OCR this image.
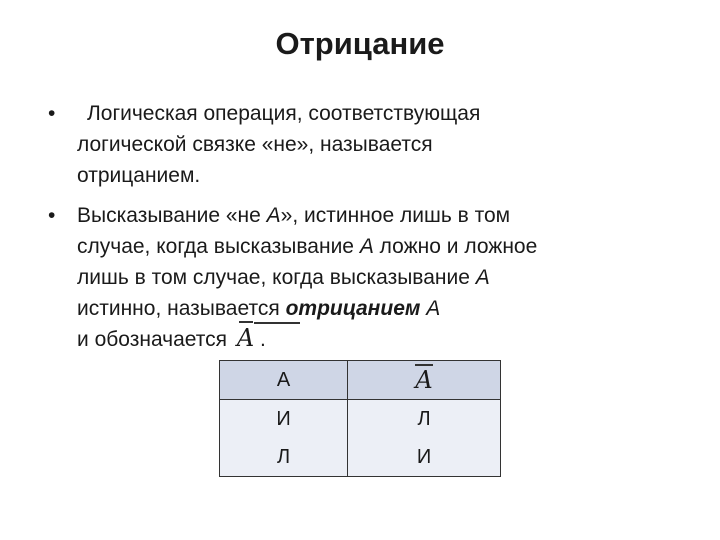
Отрицание
•	Логическая операция, соответствующая
логической связке «не», называется
отрицанием.
•	Высказывание «не А», истинное лишь в том
случае, когда высказывание А ложно и ложное
лишь в том случае, когда высказывание А
истинно, называется отрицанием А
и обозначается
A .
А	A
И	Л
Л	И
